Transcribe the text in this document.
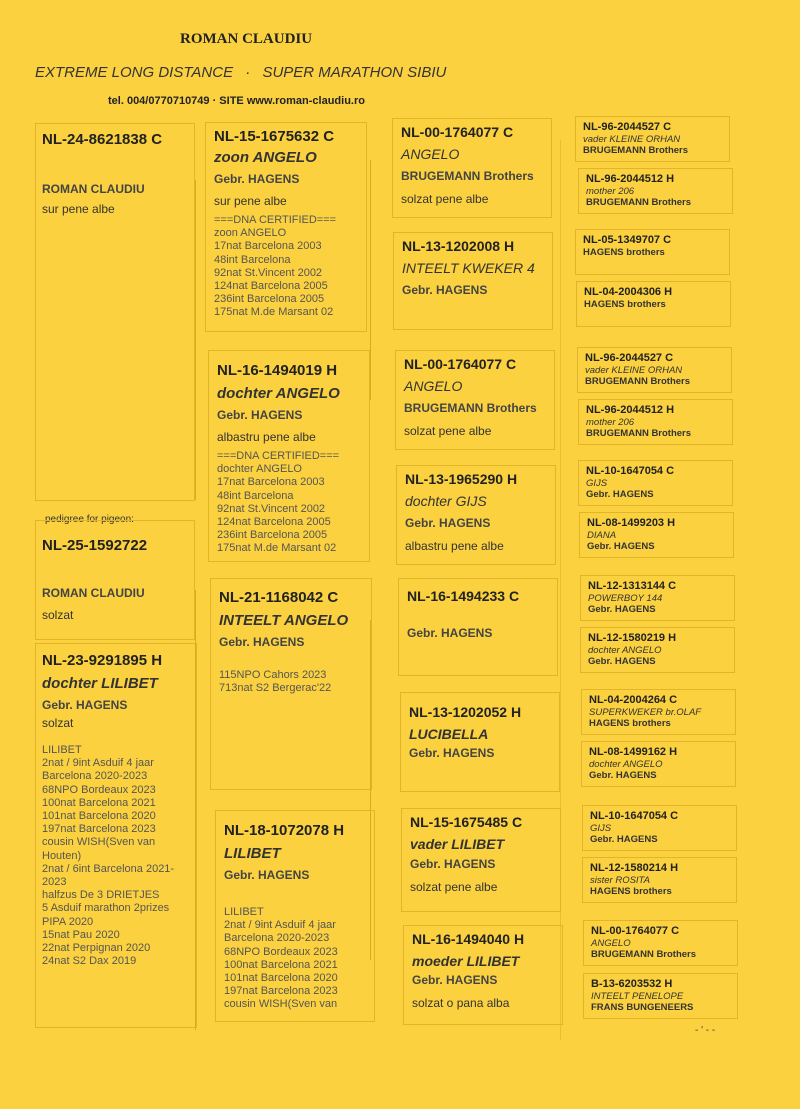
ROMAN CLAUDIU
EXTREME LONG DISTANCE · SUPER MARATHON SIBIU
tel. 004/0770710749 · SITE www.roman-claudiu.ro
NL-24-8621838 C
ROMAN CLAUDIU
sur pene albe
pedigree for pigeon:
NL-25-1592722
ROMAN CLAUDIU
solzat
NL-23-9291895 H
dochter LILIBET
Gebr. HAGENS
solzat
LILIBET
2nat / 9int Asduif 4 jaar
Barcelona 2020-2023
68NPO Bordeaux 2023
100nat Barcelona 2021
101nat Barcelona 2020
197nat Barcelona 2023
cousin WISH(Sven van
Houten)
2nat / 6int Barcelona 2021-
2023
halfzus De 3 DRIETJES
5 Asduif marathon 2prizes
PIPA 2020
15nat Pau 2020
22nat Perpignan 2020
24nat S2 Dax 2019
NL-15-1675632 C
zoon ANGELO
Gebr. HAGENS
sur pene albe
===DNA CERTIFIED===
zoon ANGELO
17nat Barcelona 2003
48int Barcelona
92nat St.Vincent 2002
124nat Barcelona 2005
236int Barcelona 2005
175nat M.de Marsant 02
NL-16-1494019 H
dochter ANGELO
Gebr. HAGENS
albastru pene albe
===DNA CERTIFIED===
dochter ANGELO
17nat Barcelona 2003
48int Barcelona
92nat St.Vincent 2002
124nat Barcelona 2005
236int Barcelona 2005
175nat M.de Marsant 02
NL-21-1168042 C
INTEELT ANGELO
Gebr. HAGENS
115NPO Cahors 2023
713nat S2 Bergerac'22
NL-18-1072078 H
LILIBET
Gebr. HAGENS
LILIBET
2nat / 9int Asduif 4 jaar
Barcelona 2020-2023
68NPO Bordeaux 2023
100nat Barcelona 2021
101nat Barcelona 2020
197nat Barcelona 2023
cousin WISH(Sven van
NL-00-1764077 C
ANGELO
BRUGEMANN Brothers
solzat pene albe
NL-13-1202008 H
INTEELT KWEKER 4
Gebr. HAGENS
NL-00-1764077 C
ANGELO
BRUGEMANN Brothers
solzat pene albe
NL-13-1965290 H
dochter GIJS
Gebr. HAGENS
albastru pene albe
NL-16-1494233 C
Gebr. HAGENS
NL-13-1202052 H
LUCIBELLA
Gebr. HAGENS
NL-15-1675485 C
vader LILIBET
Gebr. HAGENS
solzat pene albe
NL-16-1494040 H
moeder LILIBET
Gebr. HAGENS
solzat o pana alba
NL-96-2044527 C
vader KLEINE ORHAN
BRUGEMANN Brothers
NL-96-2044512 H
mother 206
BRUGEMANN Brothers
NL-05-1349707 C
HAGENS brothers
NL-04-2004306 H
HAGENS brothers
NL-96-2044527 C
vader KLEINE ORHAN
BRUGEMANN Brothers
NL-96-2044512 H
mother 206
BRUGEMANN Brothers
NL-10-1647054 C
GIJS
Gebr. HAGENS
NL-08-1499203 H
DIANA
Gebr. HAGENS
NL-12-1313144 C
POWERBOY 144
Gebr. HAGENS
NL-12-1580219 H
dochter ANGELO
Gebr. HAGENS
NL-04-2004264 C
SUPERKWEKER br.OLAF
HAGENS brothers
NL-08-1499162 H
dochter ANGELO
Gebr. HAGENS
NL-10-1647054 C
GIJS
Gebr. HAGENS
NL-12-1580214 H
sister ROSITA
HAGENS brothers
NL-00-1764077 C
ANGELO
BRUGEMANN Brothers
B-13-6203532 H
INTEELT PENELOPE
FRANS BUNGENEERS
- ' - -
